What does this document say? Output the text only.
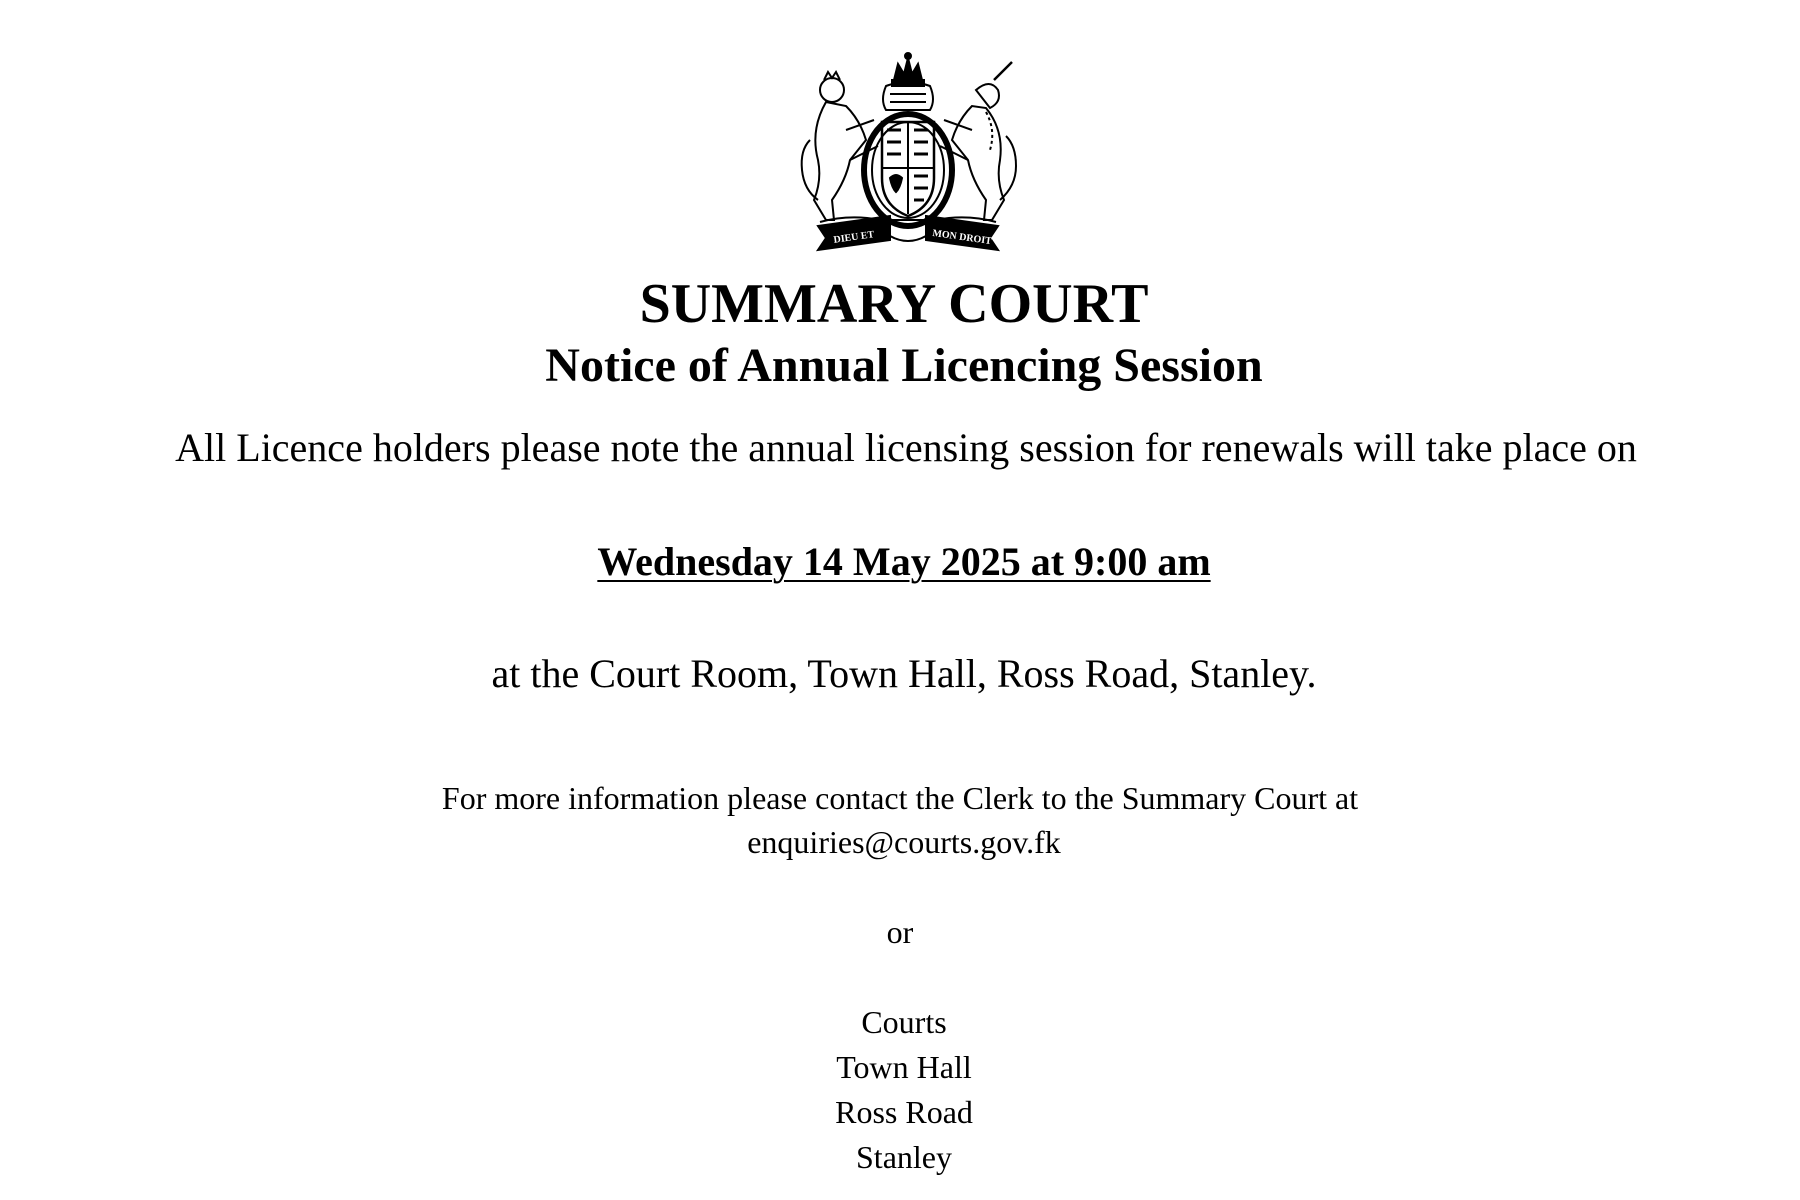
DIEU ET	MON DROIT
SUMMARY COURT
Notice of Annual Licencing Session
All Licence holders please note the annual licensing session for renewals will take place on
Wednesday 14 May 2025 at 9:00 am
at the Court Room, Town Hall, Ross Road, Stanley.
For more information please contact the Clerk to the Summary Court at
enquiries@courts.gov.fk
or
Courts
Town Hall
Ross Road
Stanley
